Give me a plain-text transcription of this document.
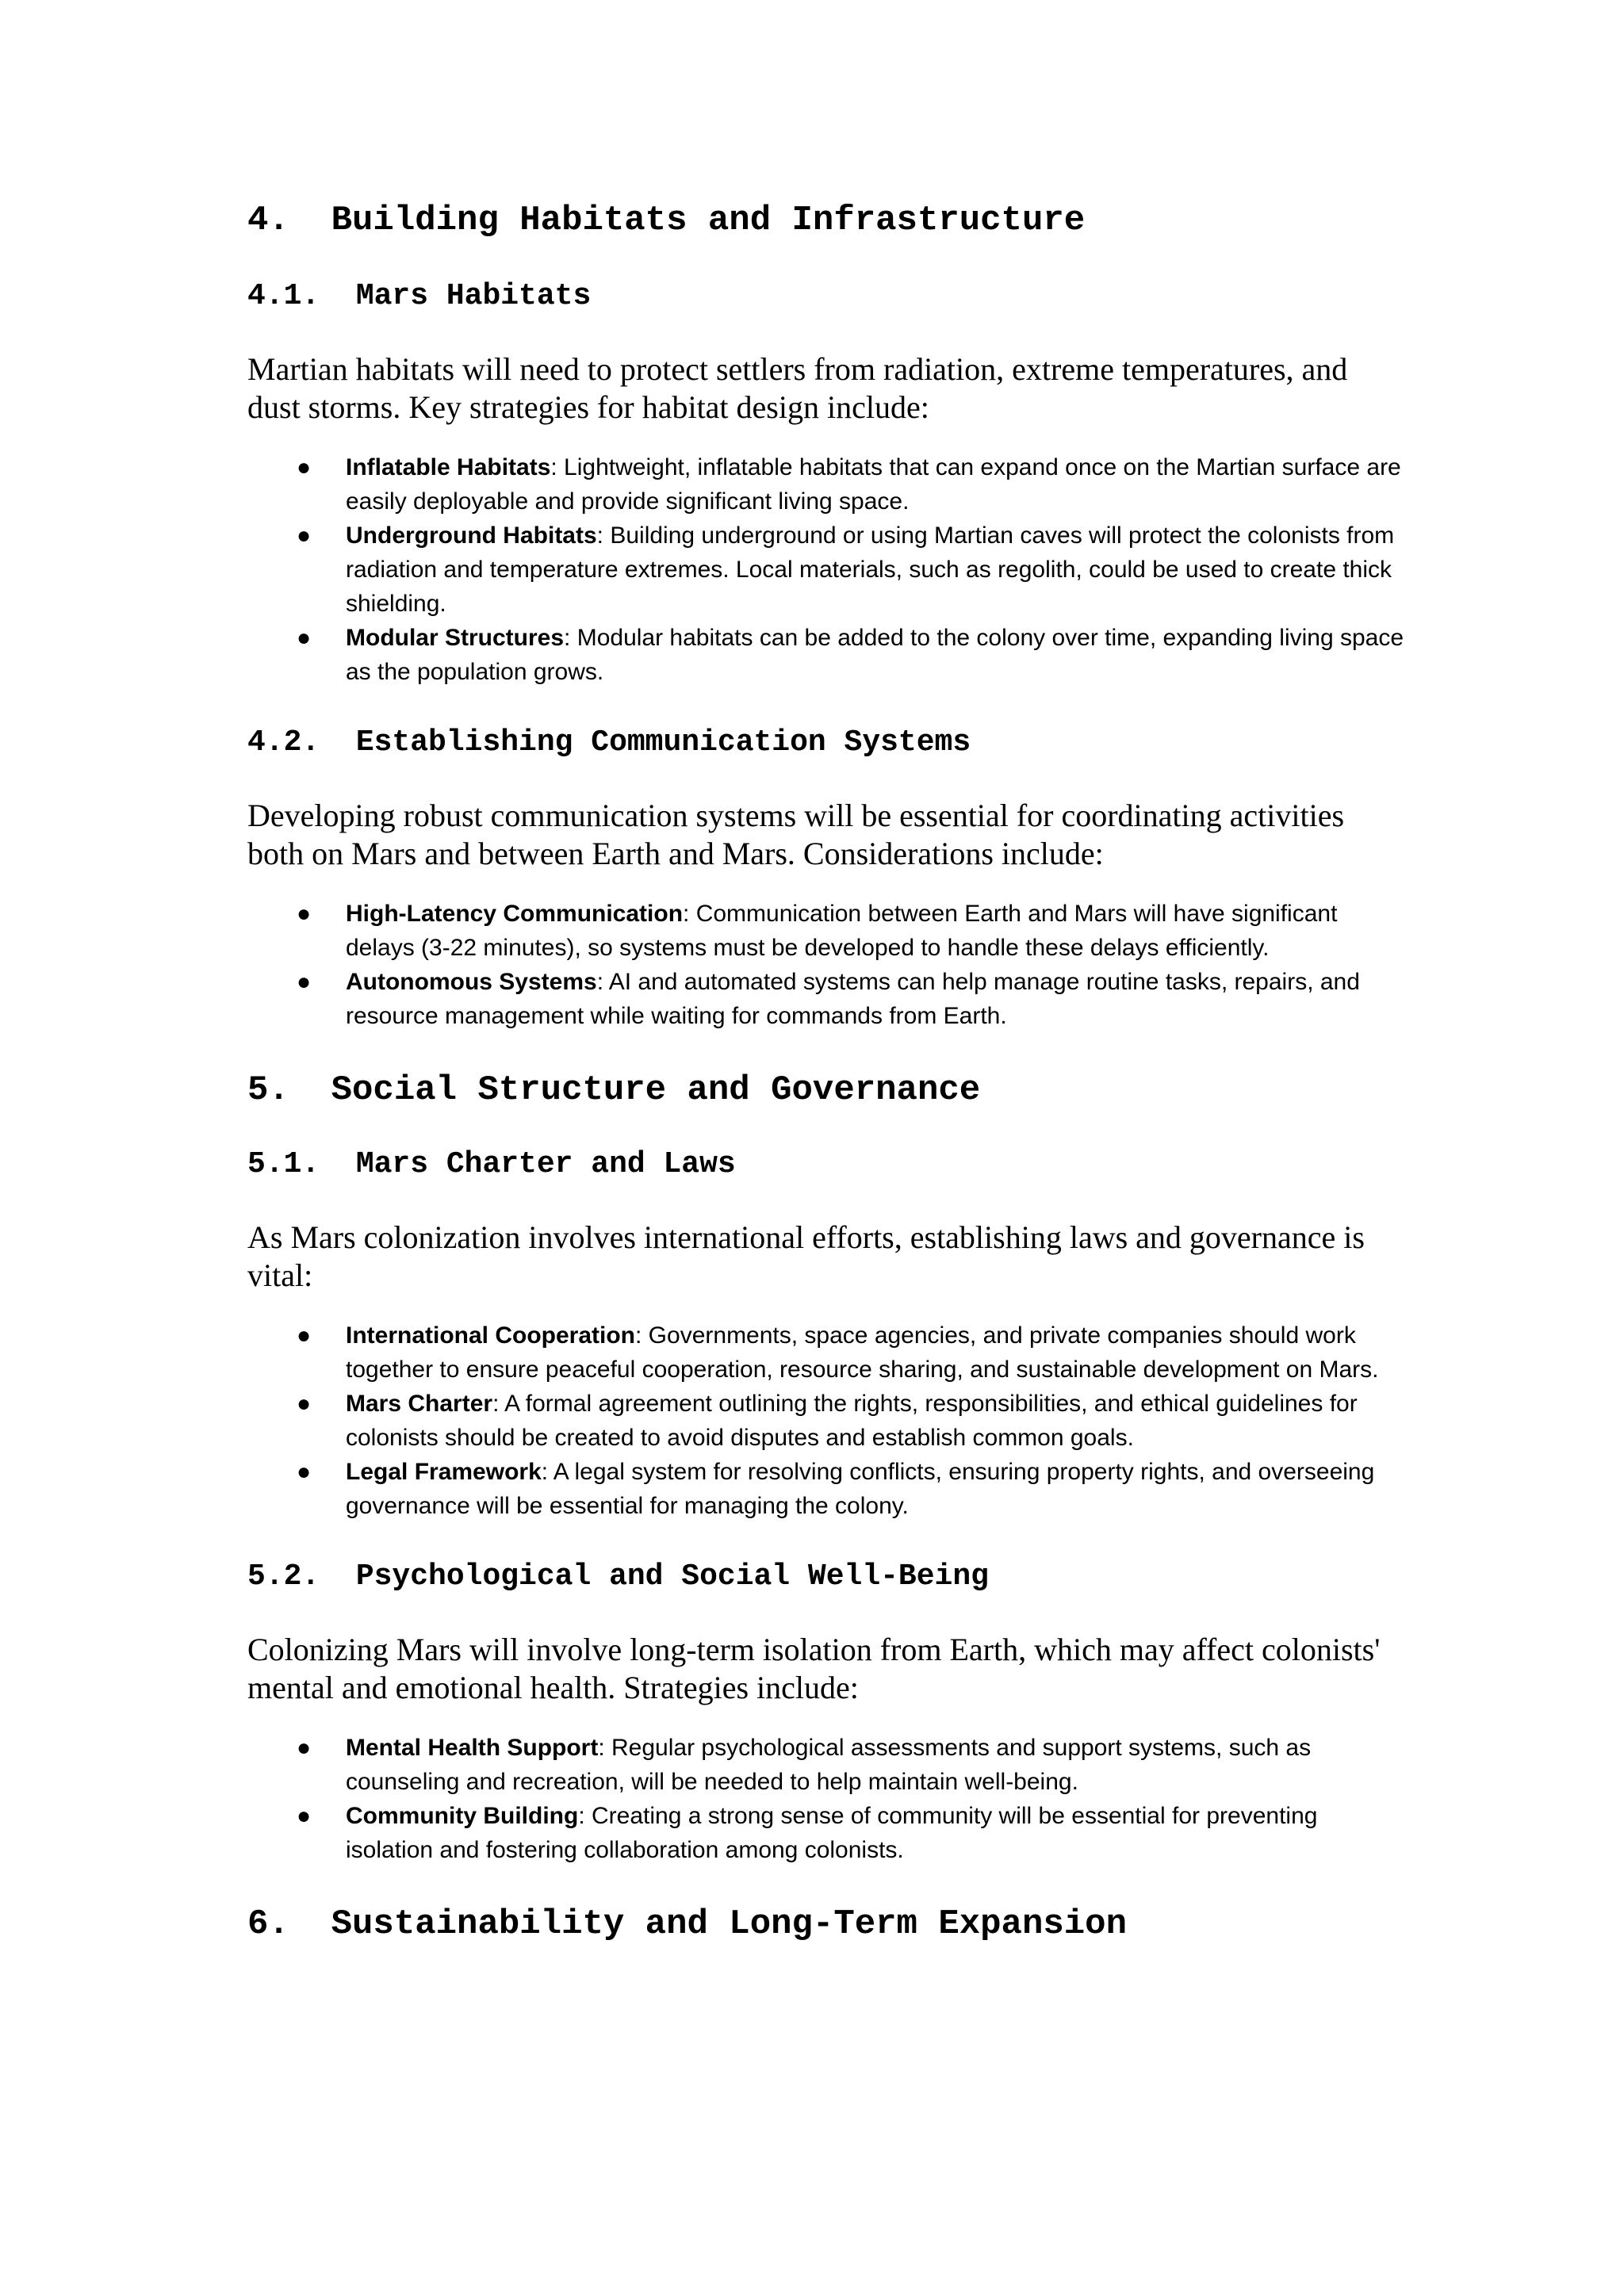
4.  Building Habitats and Infrastructure
4.1.  Mars Habitats

Martian habitats will need to protect settlers from radiation, extreme temperatures, and dust storms. Key strategies for habitat design include:

● Inflatable Habitats: Lightweight, inflatable habitats that can expand once on the Martian surface are easily deployable and provide significant living space.
● Underground Habitats: Building underground or using Martian caves will protect the colonists from radiation and temperature extremes. Local materials, such as regolith, could be used to create thick shielding.
● Modular Structures: Modular habitats can be added to the colony over time, expanding living space as the population grows.
4.2.  Establishing Communication Systems

Developing robust communication systems will be essential for coordinating activities both on Mars and between Earth and Mars. Considerations include:

● High-Latency Communication: Communication between Earth and Mars will have significant delays (3-22 minutes), so systems must be developed to handle these delays efficiently.
● Autonomous Systems: AI and automated systems can help manage routine tasks, repairs, and resource management while waiting for commands from Earth.
5.  Social Structure and Governance
5.1.  Mars Charter and Laws

As Mars colonization involves international efforts, establishing laws and governance is vital:

● International Cooperation: Governments, space agencies, and private companies should work together to ensure peaceful cooperation, resource sharing, and sustainable development on Mars.
● Mars Charter: A formal agreement outlining the rights, responsibilities, and ethical guidelines for colonists should be created to avoid disputes and establish common goals.
● Legal Framework: A legal system for resolving conflicts, ensuring property rights, and overseeing governance will be essential for managing the colony.
5.2.  Psychological and Social Well-Being

Colonizing Mars will involve long-term isolation from Earth, which may affect colonists' mental and emotional health. Strategies include:

● Mental Health Support: Regular psychological assessments and support systems, such as counseling and recreation, will be needed to help maintain well-being.
● Community Building: Creating a strong sense of community will be essential for preventing isolation and fostering collaboration among colonists.
6.  Sustainability and Long-Term Expansion
